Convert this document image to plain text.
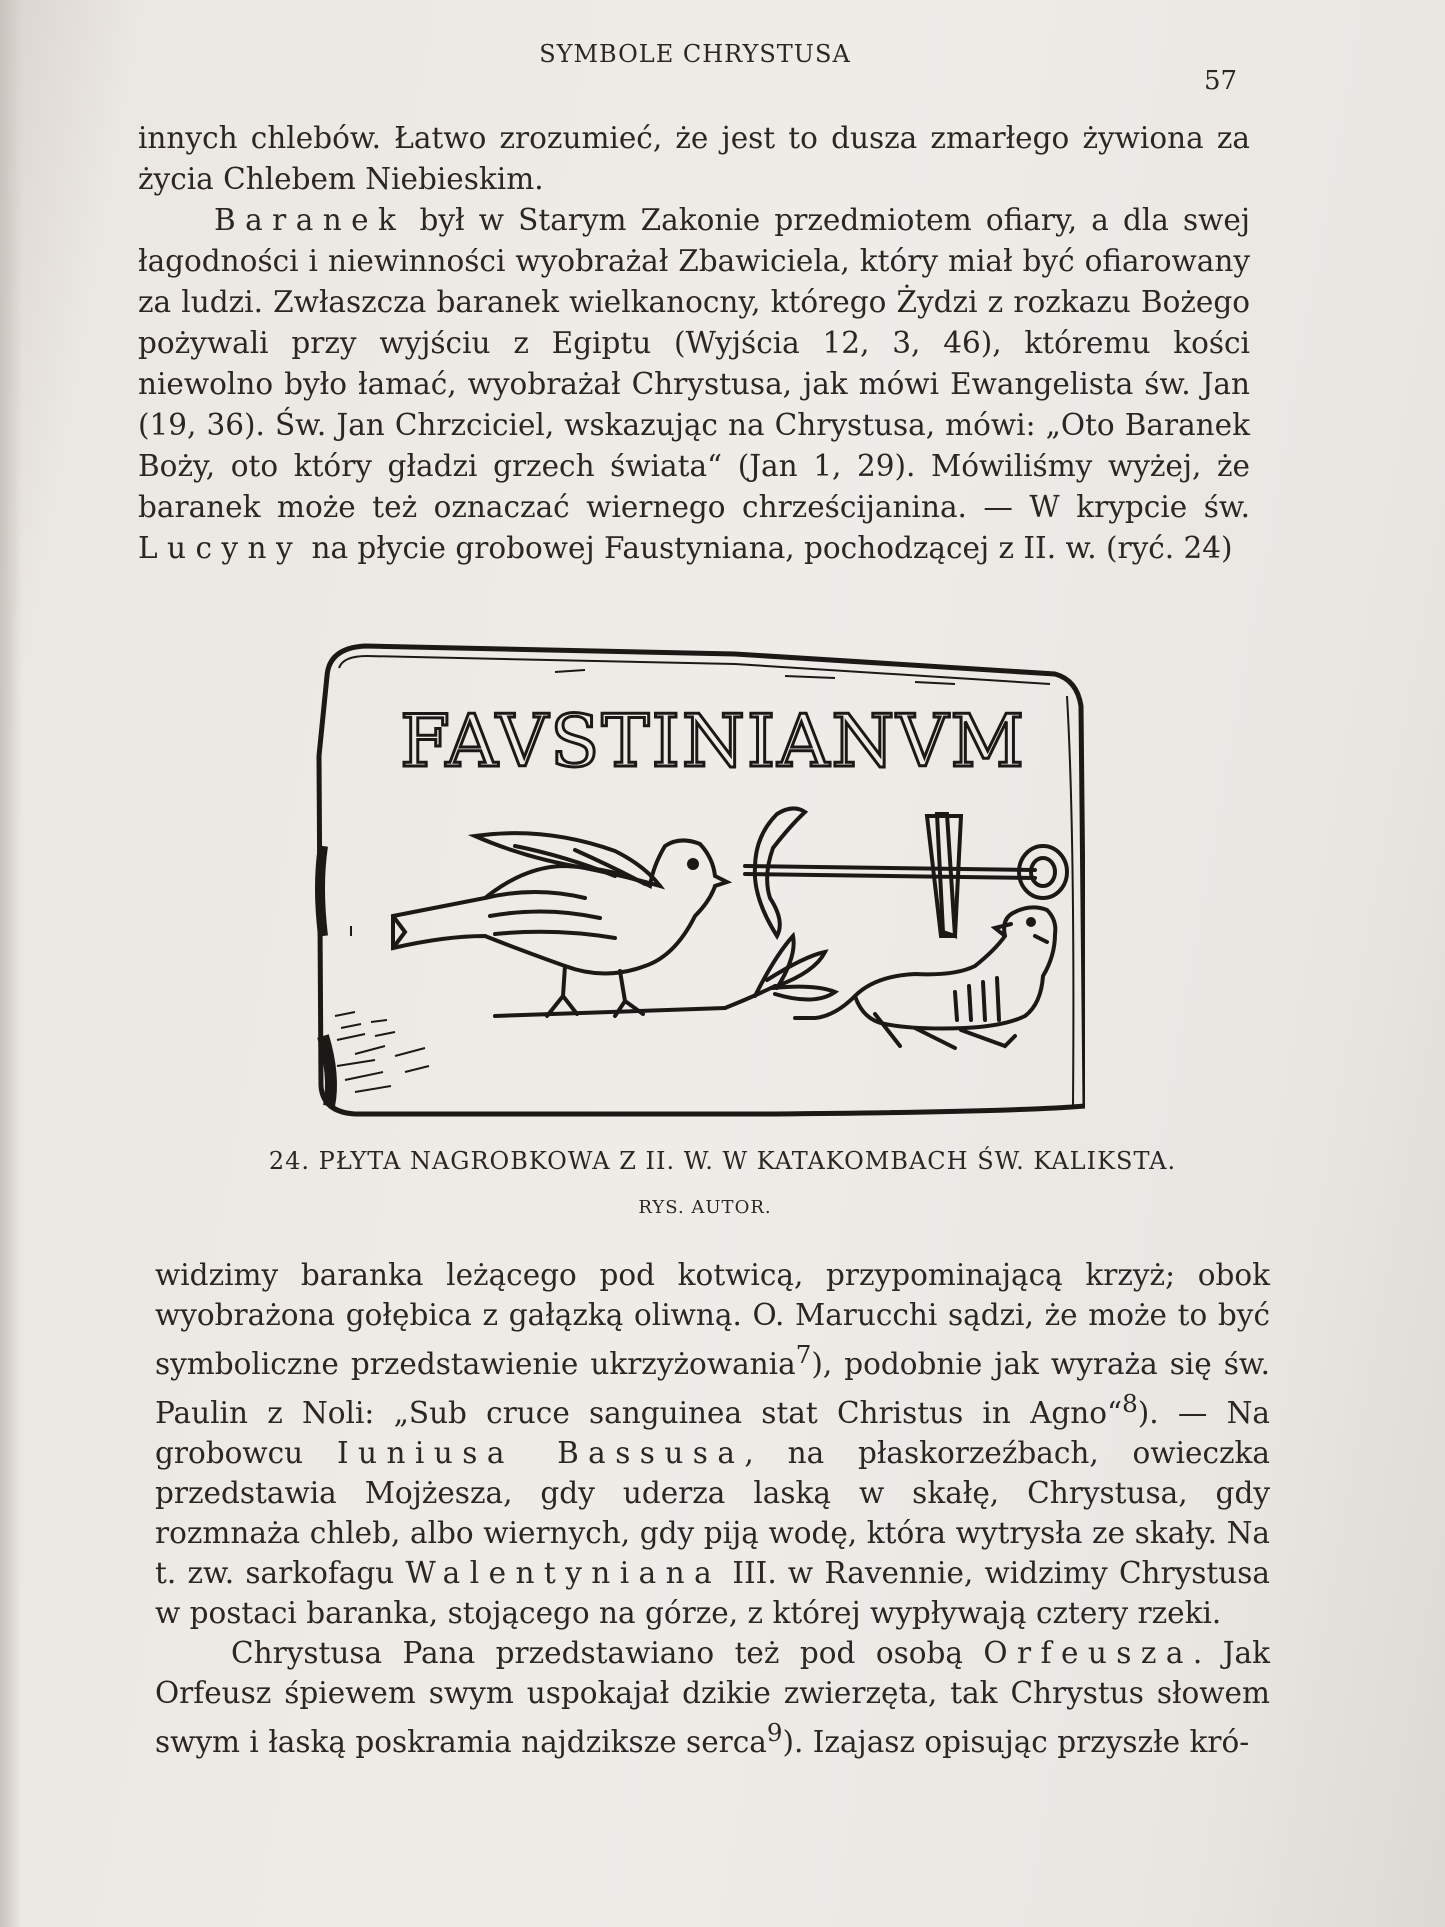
SYMBOLE CHRYSTUSA
57

innych chlebów. Łatwo zrozumieć, że jest to dusza zmarłego żywiona za życia Chlebem Niebieskim.

Baranek był w Starym Zakonie przedmiotem ofiary, a dla swej łagodności i niewinności wyobrażał Zbawiciela, który miał być ofiarowany za ludzi. Zwłaszcza baranek wielkanocny, którego Żydzi z rozkazu Bożego pożywali przy wyjściu z Egiptu (Wyjścia 12, 3, 46), któremu kości niewolno było łamać, wyobrażał Chrystusa, jak mówi Ewangelista św. Jan (19, 36). Św. Jan Chrzciciel, wskazując na Chrystusa, mówi: „Oto Baranek Boży, oto który gładzi grzech świata“ (Jan 1, 29). Mówiliśmy wyżej, że baranek może też oznaczać wiernego chrześcijanina. — W krypcie św. Lucyny na płycie grobowej Faustyniana, pochodzącej z II. w. (ryć. 24)

FAVSTINIANVM
24. PŁYTA NAGROBKOWA Z II. W. W KATAKOMBACH ŚW. KALIKSTA.
RYS. AUTOR.

widzimy baranka leżącego pod kotwicą, przypominającą krzyż; obok wyobrażona gołębica z gałązką oliwną. O. Marucchi sądzi, że może to być symboliczne przedstawienie ukrzyżowania$^7$), podobnie jak wyraża się św. Paulin z Noli: „Sub cruce sanguinea stat Christus in Agno“$^8$). — Na grobowcu Iuniusa Bassusa, na płaskorzeźbach, owieczka przedstawia Mojżesza, gdy uderza laską w skałę, Chrystusa, gdy rozmnaża chleb, albo wiernych, gdy piją wodę, która wytrysła ze skały. Na t. zw. sarkofagu Walentyniana III. w Ravennie, widzimy Chrystusa w postaci baranka, stojącego na górze, z której wypływają cztery rzeki.

Chrystusa Pana przedstawiano też pod osobą Orfeusza. Jak Orfeusz śpiewem swym uspokajał dzikie zwierzęta, tak Chrystus słowem swym i łaską poskramia najdziksze serca$^9$). Izajasz opisując przyszłe kró-
